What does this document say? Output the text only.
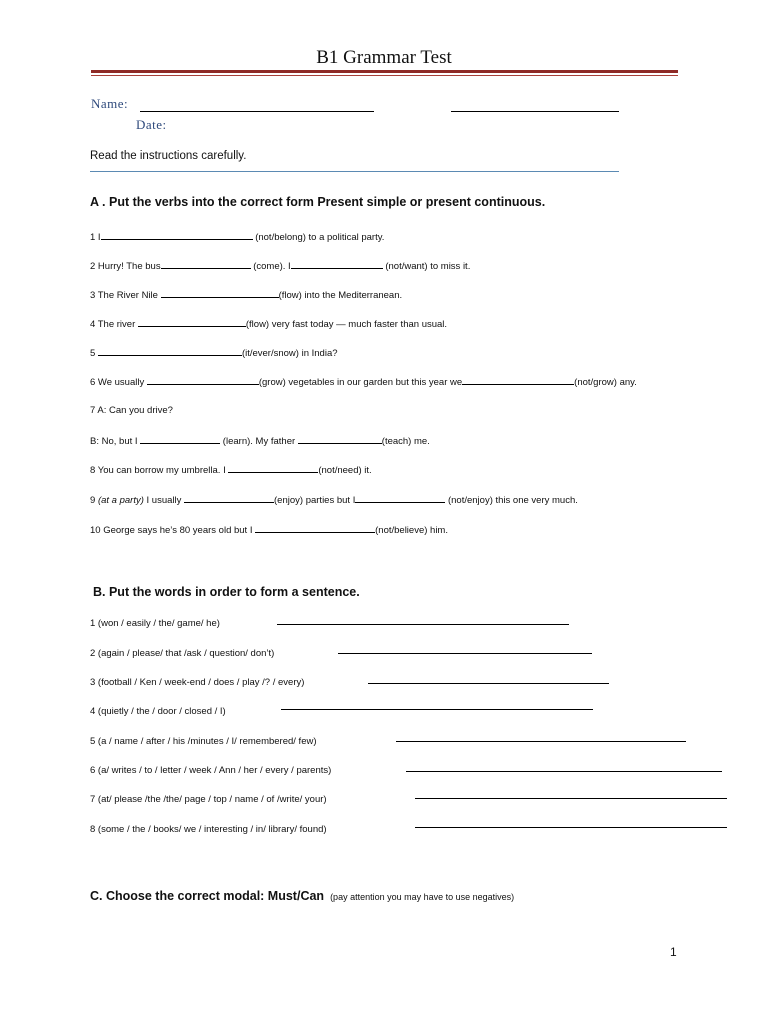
B1 Grammar Test
Name:
Date:
Read the instructions carefully.
A . Put the verbs into the correct form Present simple or present continuous.
1 I	(not/belong) to a political party.
2 Hurry! The bus	(come). I	(not/want) to miss it.
3 The River Nile	(flow) into the Mediterranean.
4 The river	(flow) very fast today — much faster than usual.
5	(it/ever/snow) in India?
6 We usually	(grow) vegetables in our garden but this year we	(not/grow) any.
7 A: Can you drive?
B: No, but I	(learn). My father	(teach) me.
8 You can borrow my umbrella. I	(not/need) it.
9 (at a party) I usually	(enjoy) parties but I	(not/enjoy) this one very much.
10 George says he’s 80 years old but I	(not/believe) him.
B. Put the words in order to form a sentence.
1 (won / easily / the/ game/ he)
2 (again / please/ that /ask / question/ don’t)
3 (football / Ken / week-end / does / play /? / every)
4 (quietly / the / door / closed / I)
5 (a / name / after / his /minutes / I/ remembered/ few)
6 (a/ writes / to / letter / week / Ann / her / every / parents)
7 (at/ please /the /the/ page / top / name / of /write/ your)
8 (some / the / books/ we / interesting / in/ library/ found)
C. Choose the correct modal: Must/Can (pay attention you may have to use negatives)
1
